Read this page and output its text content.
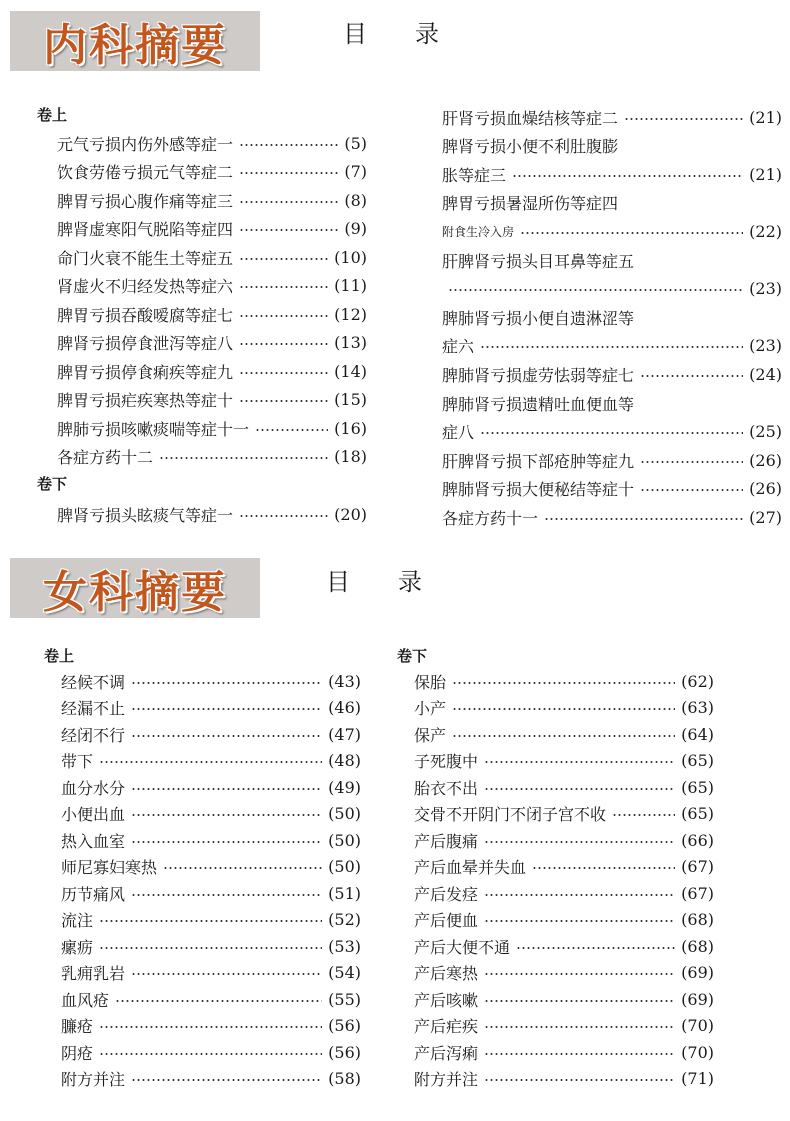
内科摘要	目　　录
女科摘要	目　　录
卷上
元气亏损内伤外感等症一	(5)
饮食劳倦亏损元气等症二	(7)
脾胃亏损心腹作痛等症三	(8)
脾肾虚寒阳气脱陷等症四	(9)
命门火衰不能生土等症五	(10)
肾虚火不归经发热等症六	(11)
脾胃亏损吞酸嗳腐等症七	(12)
脾肾亏损停食泄泻等症八	(13)
脾胃亏损停食痢疾等症九	(14)
脾胃亏损疟疾寒热等症十	(15)
脾肺亏损咳嗽痰喘等症十一	(16)
各症方药十二	(18)
卷下
脾肾亏损头眩痰气等症一	(20)
肝肾亏损血燥结核等症二	(21)
脾肾亏损小便不利肚腹膨
胀等症三	(21)
脾胃亏损暑湿所伤等症四
附食生冷入房	(22)
肝脾肾亏损头目耳鼻等症五
(23)
脾肺肾亏损小便自遗淋涩等
症六	(23)
脾肺肾亏损虚劳怯弱等症七	(24)
脾肺肾亏损遗精吐血便血等
症八	(25)
肝脾肾亏损下部疮肿等症九	(26)
脾肺肾亏损大便秘结等症十	(26)
各症方药十一	(27)
卷上
经候不调	(43)
经漏不止	(46)
经闭不行	(47)
带下	(48)
血分水分	(49)
小便出血	(50)
热入血室	(50)
师尼寡妇寒热	(50)
历节痛风	(51)
流注	(52)
瘰疬	(53)
乳痈乳岩	(54)
血风疮	(55)
臁疮	(56)
阴疮	(56)
附方并注	(58)
卷下
保胎	(62)
小产	(63)
保产	(64)
子死腹中	(65)
胎衣不出	(65)
交骨不开阴门不闭子宫不收	(65)
产后腹痛	(66)
产后血晕并失血	(67)
产后发痉	(67)
产后便血	(68)
产后大便不通	(68)
产后寒热	(69)
产后咳嗽	(69)
产后疟疾	(70)
产后泻痢	(70)
附方并注	(71)
